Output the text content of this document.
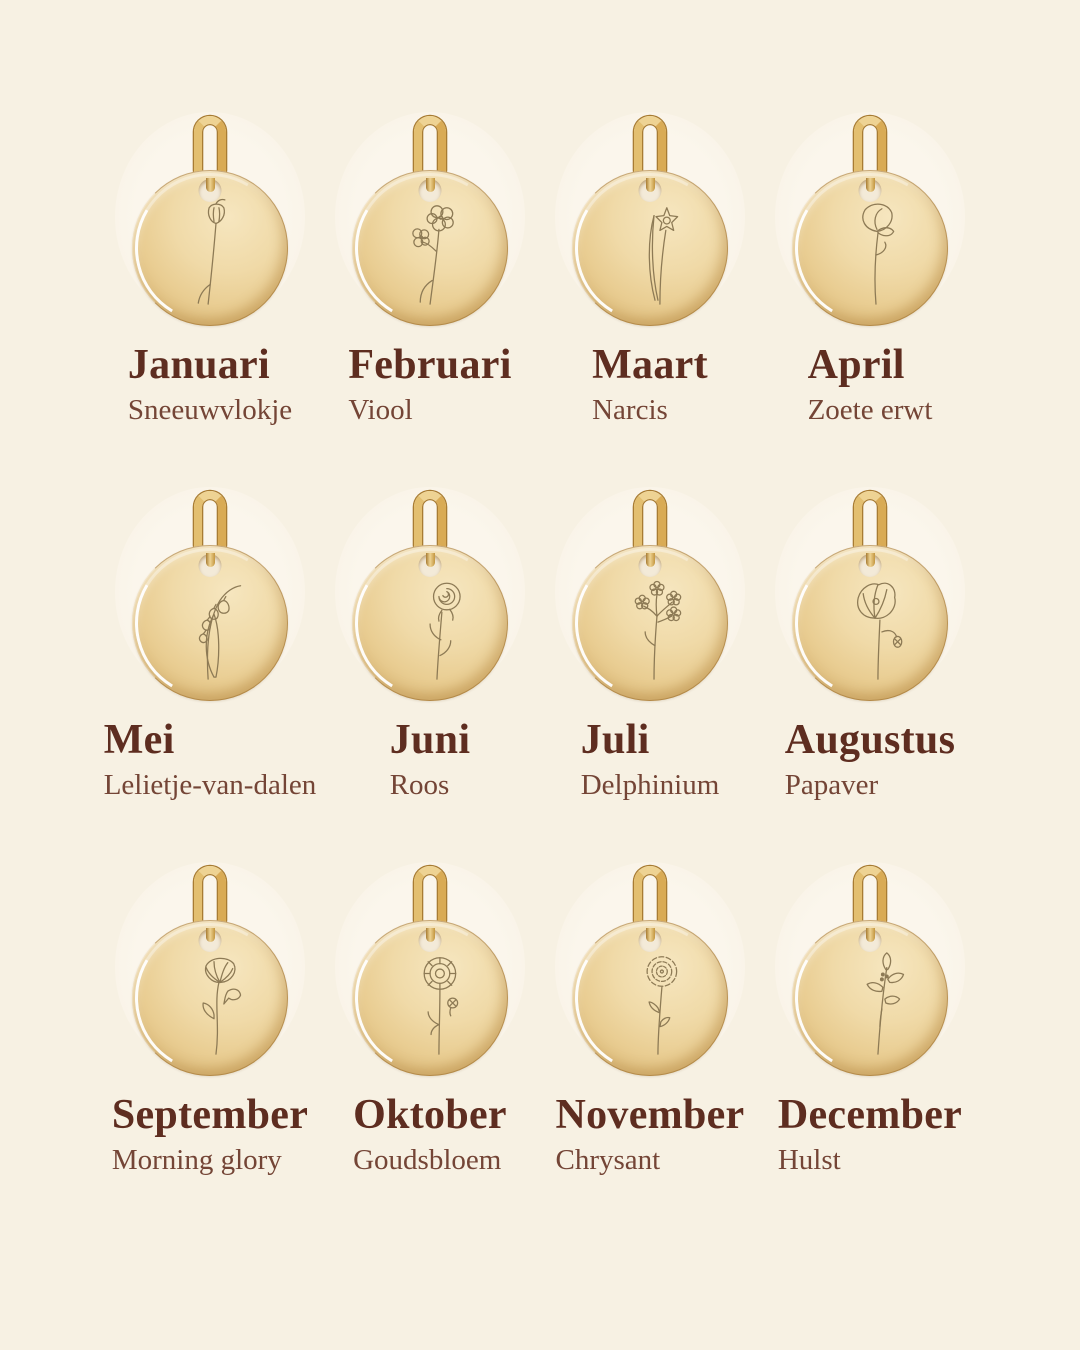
Januari
Sneeuwvlokje
Februari
Viool
Maart
Narcis
April
Zoete erwt
Mei
Lelietje-van-dalen
Juni
Roos
Juli
Delphinium
Augustus
Papaver
September
Morning glory
Oktober
Goudsbloem
November
Chrysant
December
Hulst
